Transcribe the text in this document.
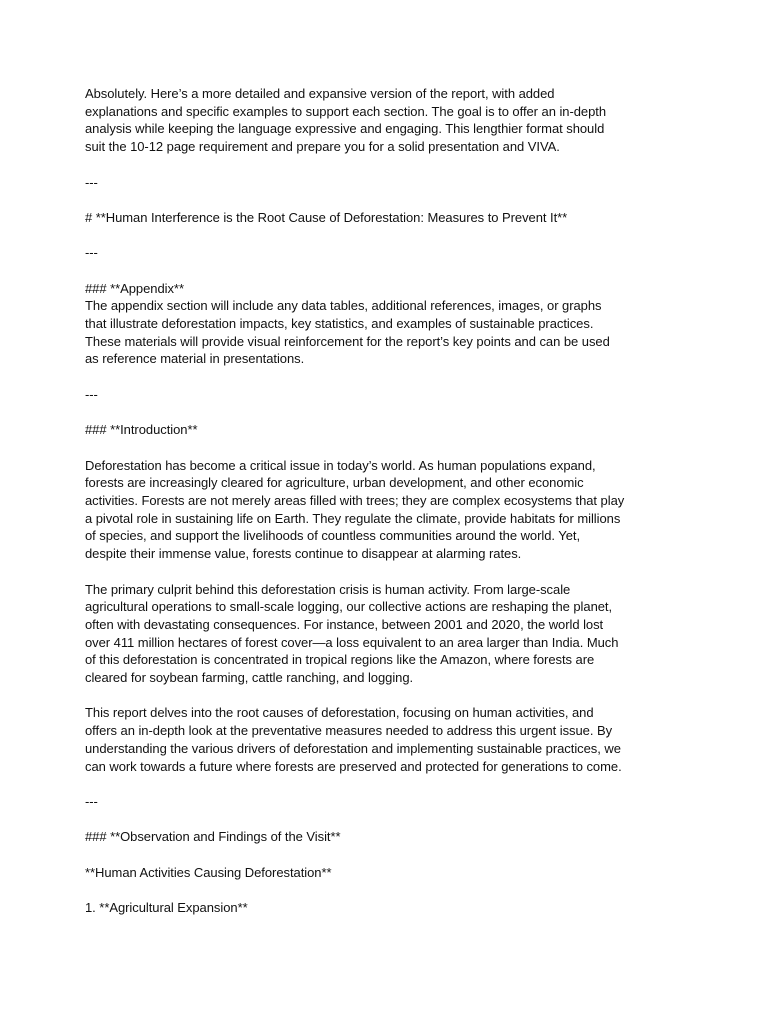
Absolutely. Here’s a more detailed and expansive version of the report, with added explanations and specific examples to support each section. The goal is to offer an in-depth analysis while keeping the language expressive and engaging. This lengthier format should suit the 10-12 page requirement and prepare you for a solid presentation and VIVA.

---

# **Human Interference is the Root Cause of Deforestation: Measures to Prevent It**

---

### **Appendix**

The appendix section will include any data tables, additional references, images, or graphs that illustrate deforestation impacts, key statistics, and examples of sustainable practices. These materials will provide visual reinforcement for the report’s key points and can be used as reference material in presentations.

---

### **Introduction**

Deforestation has become a critical issue in today’s world. As human populations expand, forests are increasingly cleared for agriculture, urban development, and other economic activities. Forests are not merely areas filled with trees; they are complex ecosystems that play a pivotal role in sustaining life on Earth. They regulate the climate, provide habitats for millions of species, and support the livelihoods of countless communities around the world. Yet, despite their immense value, forests continue to disappear at alarming rates.

The primary culprit behind this deforestation crisis is human activity. From large-scale agricultural operations to small-scale logging, our collective actions are reshaping the planet, often with devastating consequences. For instance, between 2001 and 2020, the world lost over 411 million hectares of forest cover—a loss equivalent to an area larger than India. Much of this deforestation is concentrated in tropical regions like the Amazon, where forests are cleared for soybean farming, cattle ranching, and logging.

This report delves into the root causes of deforestation, focusing on human activities, and offers an in-depth look at the preventative measures needed to address this urgent issue. By understanding the various drivers of deforestation and implementing sustainable practices, we can work towards a future where forests are preserved and protected for generations to come.

---

### **Observation and Findings of the Visit**

**Human Activities Causing Deforestation**

1. **Agricultural Expansion**
